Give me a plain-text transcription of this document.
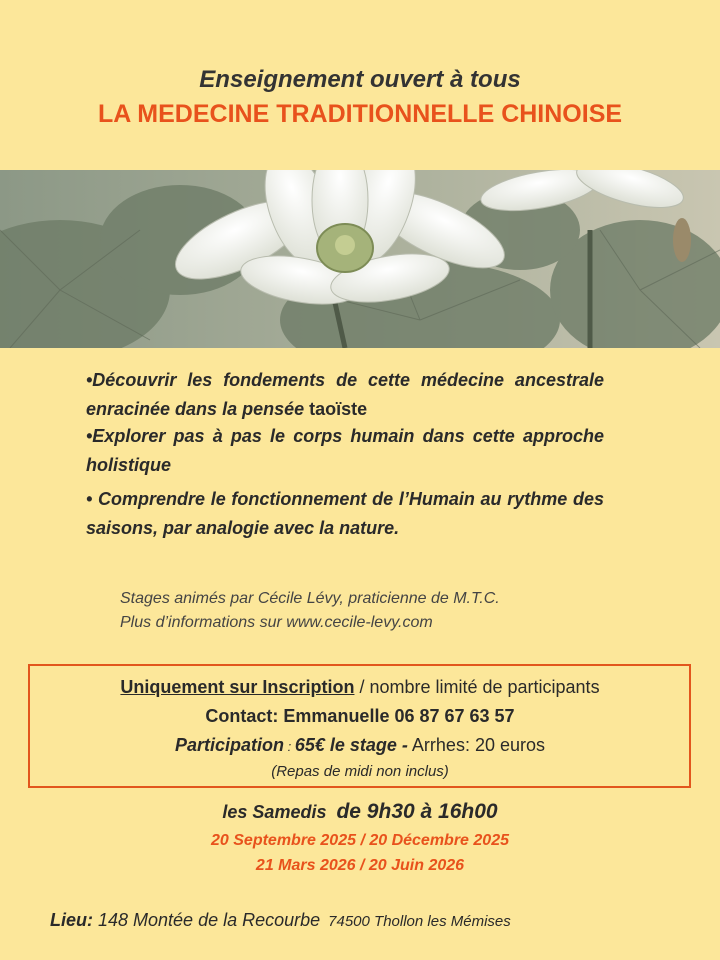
Enseignement ouvert à tous
LA MEDECINE TRADITIONNELLE CHINOISE
•Découvrir les fondements de cette médecine ancestrale enracinée dans la pensée taoïste
•Explorer pas à pas le corps humain dans cette approche holistique
• Comprendre le fonctionnement de l’Humain au rythme des saisons, par analogie avec la nature.
Stages animés par Cécile Lévy, praticienne de M.T.C.
Plus d’informations sur www.cecile-levy.com
Uniquement sur Inscription / nombre limité de participants
Contact: Emmanuelle 06 87 67 63 57
Participation : 65€ le stage - Arrhes: 20 euros
(Repas de midi non inclus)
les Samedis de 9h30 à 16h00
20 Septembre 2025 / 20 Décembre 2025
21 Mars 2026 / 20 Juin 2026
Lieu: 148 Montée de la Recourbe 74500 Thollon les Mémises
